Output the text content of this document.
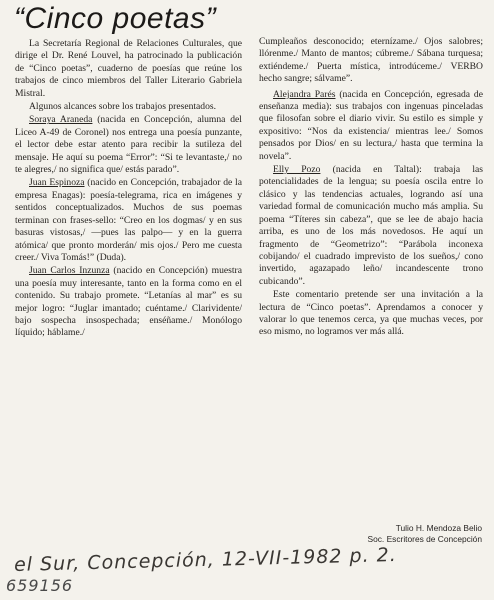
“Cinco poetas”

La Secretaría Regional de Relaciones Culturales, que dirige el Dr. René Louvel, ha patrocinado la publicación de “Cinco poetas”, cuaderno de poesías que reúne los trabajos de cinco miembros del Taller Literario Gabriela Mistral.

Algunos alcances sobre los trabajos presentados.

Soraya Araneda (nacida en Concepción, alumna del Liceo A-49 de Coronel) nos entrega una poesía punzante, el lector debe estar atento para recibir la sutileza del mensaje. He aquí su poema “Error”: “Si te levantaste,/ no te alegres,/ no significa que/ estás parado”.

Juan Espinoza (nacido en Concepción, trabajador de la empresa Enagas): poesía-telegrama, rica en imágenes y sentidos conceptualizados. Muchos de sus poemas terminan con frases-sello: “Creo en los dogmas/ y en sus basuras vistosas,/ —pues las palpo— y en la guerra atómica/ que pronto morderán/ mis ojos./ Pero me cuesta creer./ Viva Tomás!” (Duda).

Juan Carlos Inzunza (nacido en Concepción) muestra una poesía muy interesante, tanto en la forma como en el contenido. Su trabajo promete. “Letanías al mar” es su mejor logro: “Juglar imantado; cuéntame./ Clarividente/ bajo sospecha insospechada; enséñame./ Monólogo líquido; háblame./

Cumpleaños desconocido; eternízame./ Ojos salobres; llórenme./ Manto de mantos; cúbreme./ Sábana turquesa; extiéndeme./ Puerta mística, introdúceme./ VERBO hecho sangre; sálvame”.

Alejandra Parés (nacida en Concepción, egresada de enseñanza media): sus trabajos con ingenuas pinceladas que filosofan sobre el diario vivir. Su estilo es simple y expositivo: “Nos da existencia/ mientras lee./ Somos pensados por Dios/ en su lectura,/ hasta que termina la novela”.

Elly Pozo (nacida en Taltal): trabaja las potencialidades de la lengua; su poesía oscila entre lo clásico y las tendencias actuales, logrando así una variedad formal de comunicación mucho más amplia. Su poema “Títeres sin cabeza”, que se lee de abajo hacia arriba, es uno de los más novedosos. He aquí un fragmento de “Geometrizo”: “Parábola inconexa cobijando/ el cuadrado imprevisto de los sueños,/ cono invertido, agazapado leño/ incandescente trono cubicando”.

Este comentario pretende ser una invitación a la lectura de “Cinco poetas”. Aprendamos a conocer y valorar lo que tenemos cerca, ya que muchas veces, por eso mismo, no logramos ver más allá.

Tulio H. Mendoza Belio
Soc. Escritores de Concepción
el Sur, Concepción, 12-VII-1982 p. 2.
659156
